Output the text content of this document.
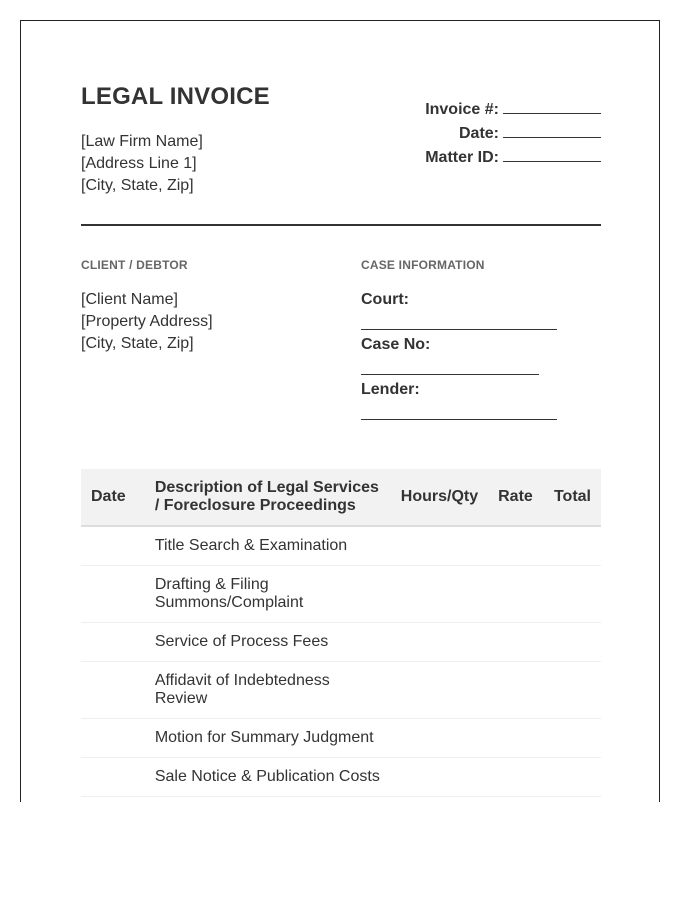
LEGAL INVOICE
[Law Firm Name]
[Address Line 1]
[City, State, Zip]
Invoice #:
Date:
Matter ID:
CLIENT / DEBTOR	CASE INFORMATION
[Client Name]
[Property Address]
[City, State, Zip]
Court:
Case No:
Lender:
Date	Description of Legal Services / Foreclosure Proceedings	Hours/Qty	Rate	Total
	Title Search & Examination			
	Drafting & Filing Summons/Complaint			
	Service of Process Fees			
	Affidavit of Indebtedness Review			
	Motion for Summary Judgment			
	Sale Notice & Publication Costs			
